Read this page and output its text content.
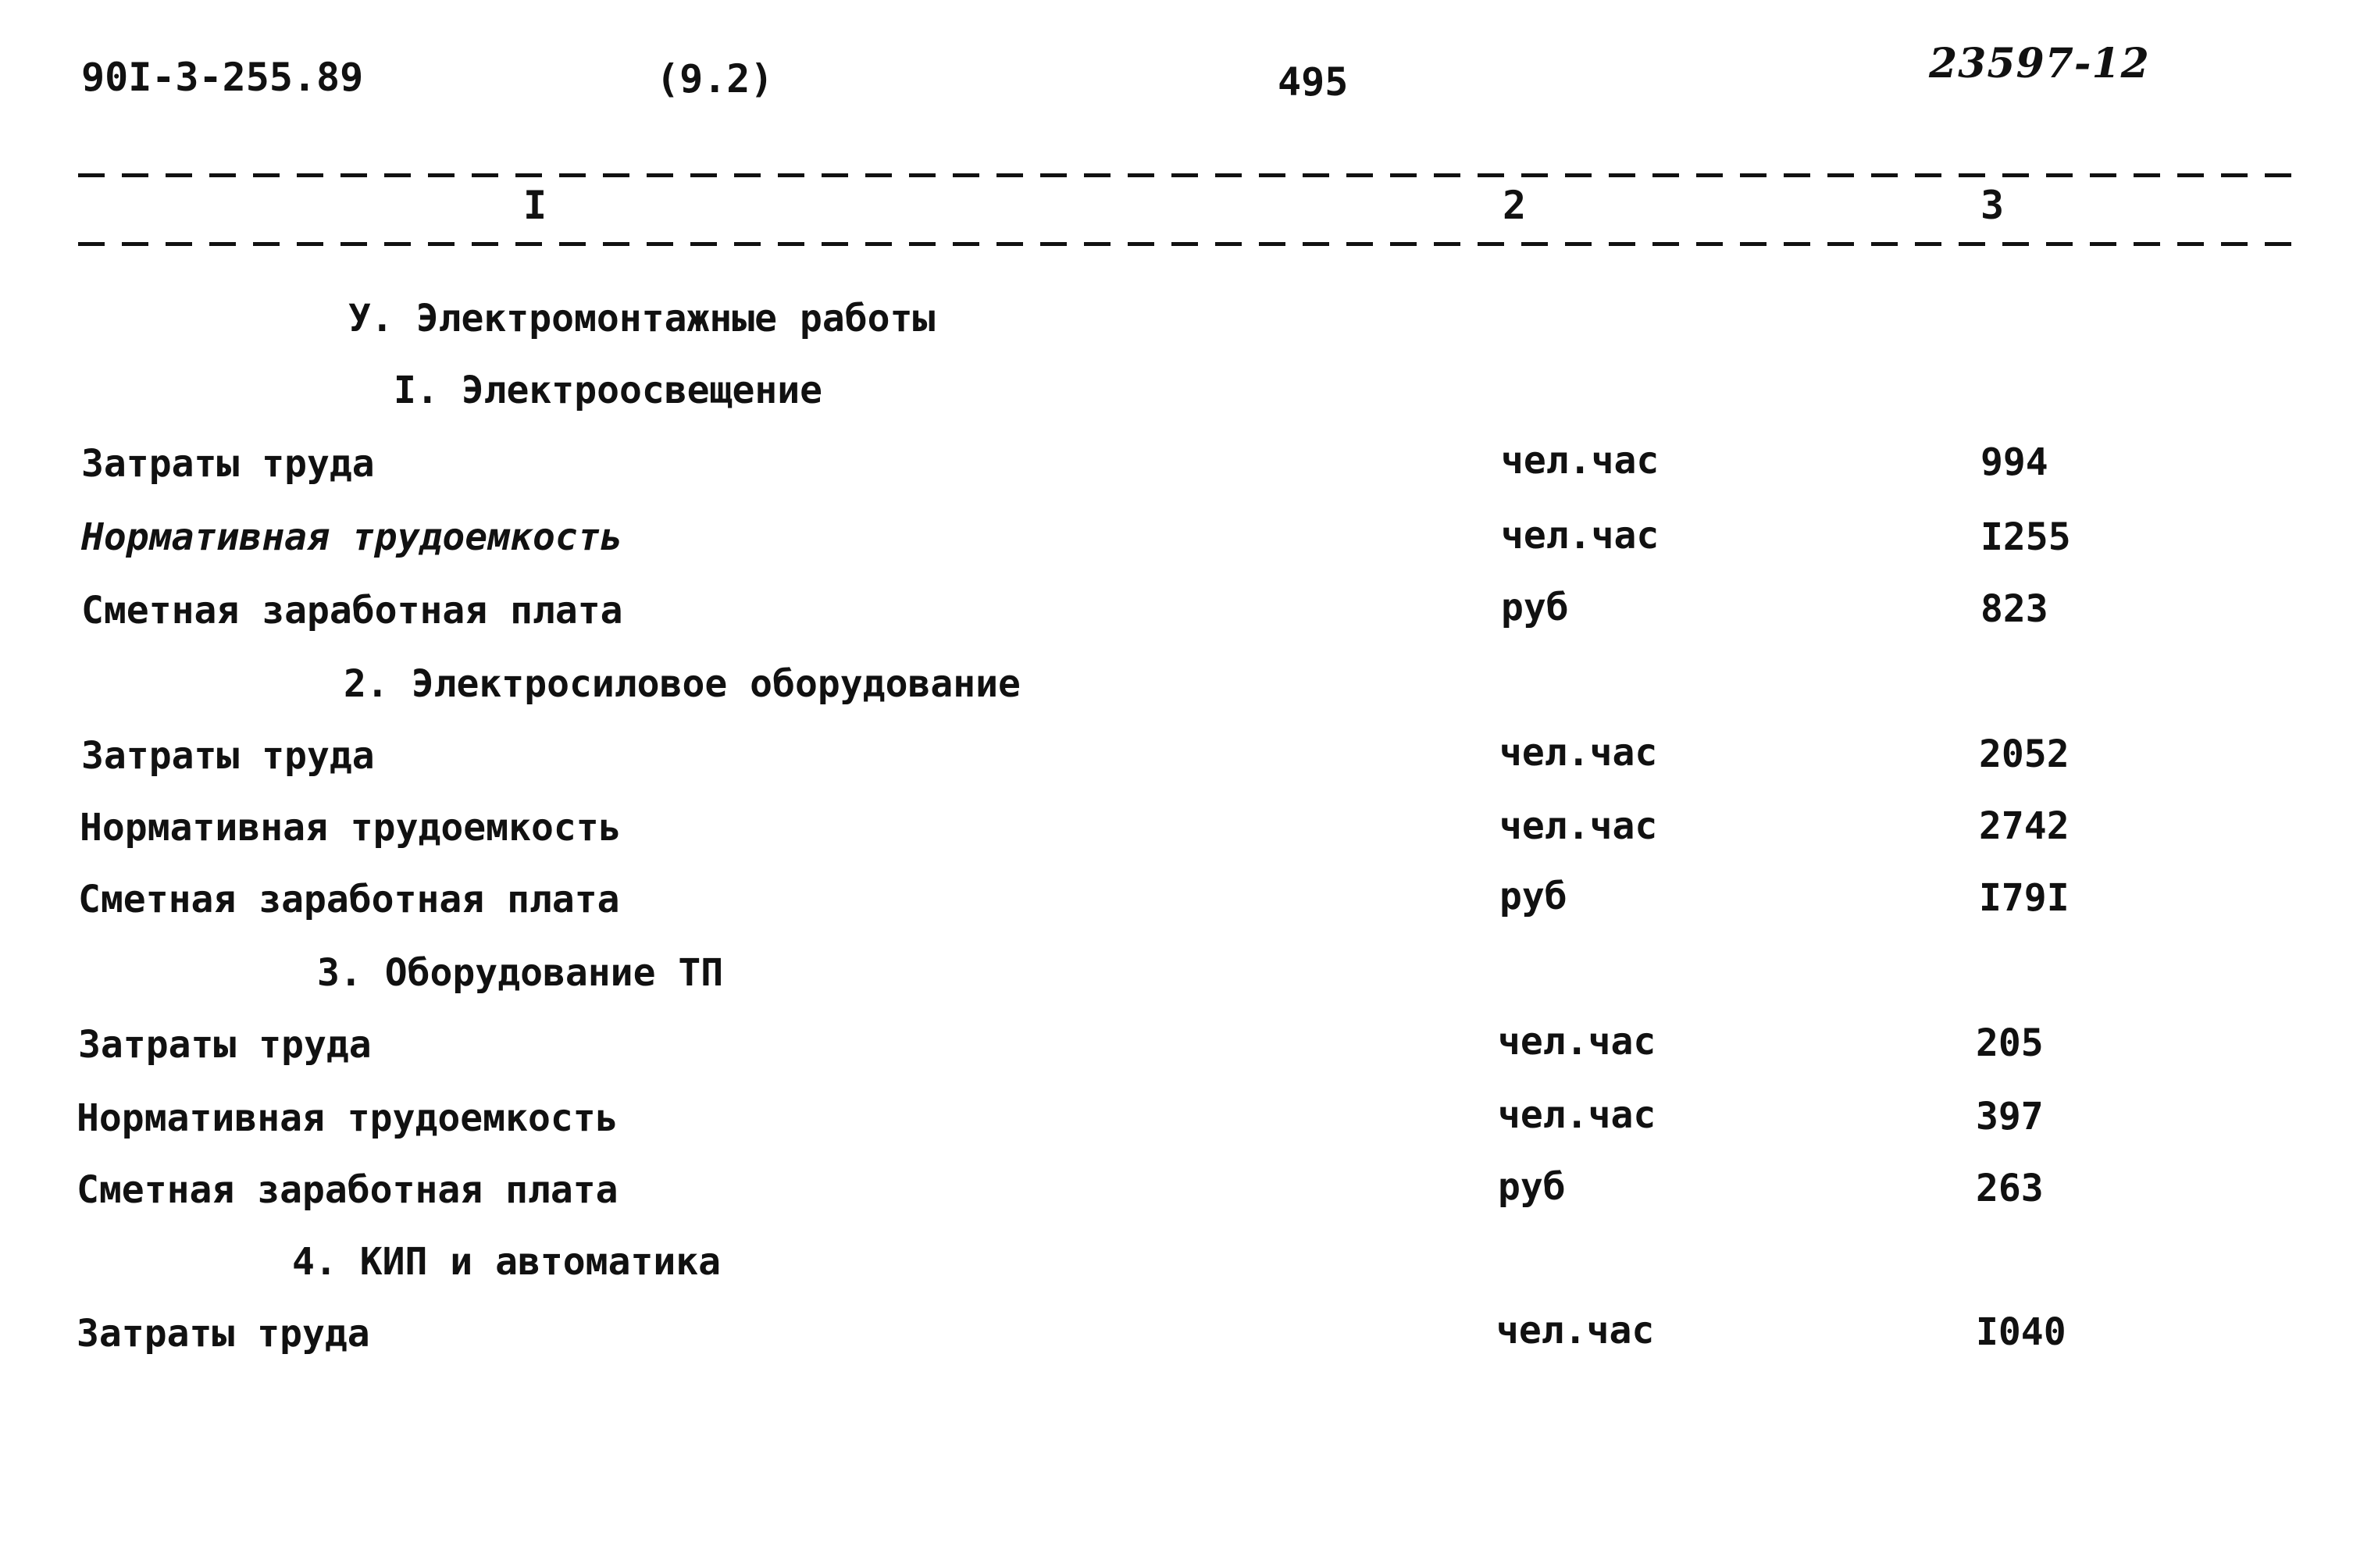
90I-3-255.89	(9.2)	495	23597-12
I	2	3
У. Электромонтажные работы
I. Электроосвещение
Затраты труда	чел.час	994
Нормативная трудоемкость	чел.час	I255
Сметная заработная плата	руб	823
2. Электросиловое оборудование
Затраты труда	чел.час	2052
Нормативная трудоемкость	чел.час	2742
Сметная заработная плата	руб	I79I
3. Оборудование ТП
Затраты труда	чел.час	205
Нормативная трудоемкость	чел.час	397
Сметная заработная плата	руб	263
4. КИП и автоматика
Затраты труда	чел.час	I040
